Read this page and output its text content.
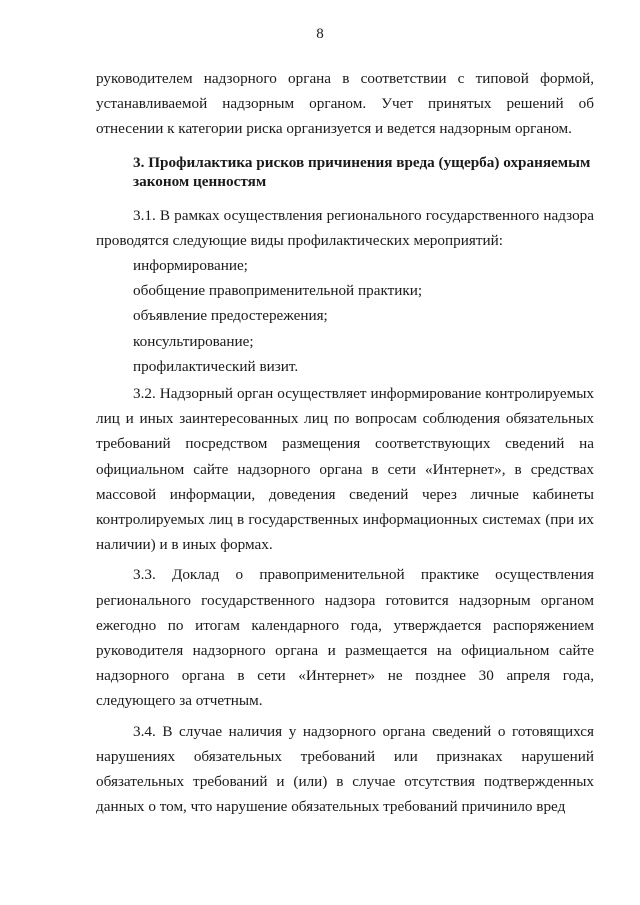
8

руководителем надзорного органа в соответствии с типовой формой, устанавливаемой надзорным органом. Учет принятых решений об отнесении к категории риска организуется и ведется надзорным органом.

3. Профилактика рисков причинения вреда (ущерба) охраняемым законом ценностям

3.1. В рамках осуществления регионального государственного надзора проводятся следующие виды профилактических мероприятий:

информирование;

обобщение правоприменительной практики;

объявление предостережения;

консультирование;

профилактический визит.

3.2. Надзорный орган осуществляет информирование контролируемых лиц и иных заинтересованных лиц по вопросам соблюдения обязательных требований посредством размещения соответствующих сведений на официальном сайте надзорного органа в сети «Интернет», в средствах массовой информации, доведения сведений через личные кабинеты контролируемых лиц в государственных информационных системах (при их наличии) и в иных формах.

3.3. Доклад о правоприменительной практике осуществления регионального государственного надзора готовится надзорным органом ежегодно по итогам календарного года, утверждается распоряжением руководителя надзорного органа и размещается на официальном сайте надзорного органа в сети «Интернет» не позднее 30 апреля года, следующего за отчетным.

3.4. В случае наличия у надзорного органа сведений о готовящихся нарушениях обязательных требований или признаках нарушений обязательных требований и (или) в случае отсутствия подтвержденных данных о том, что нарушение обязательных требований причинило вред
